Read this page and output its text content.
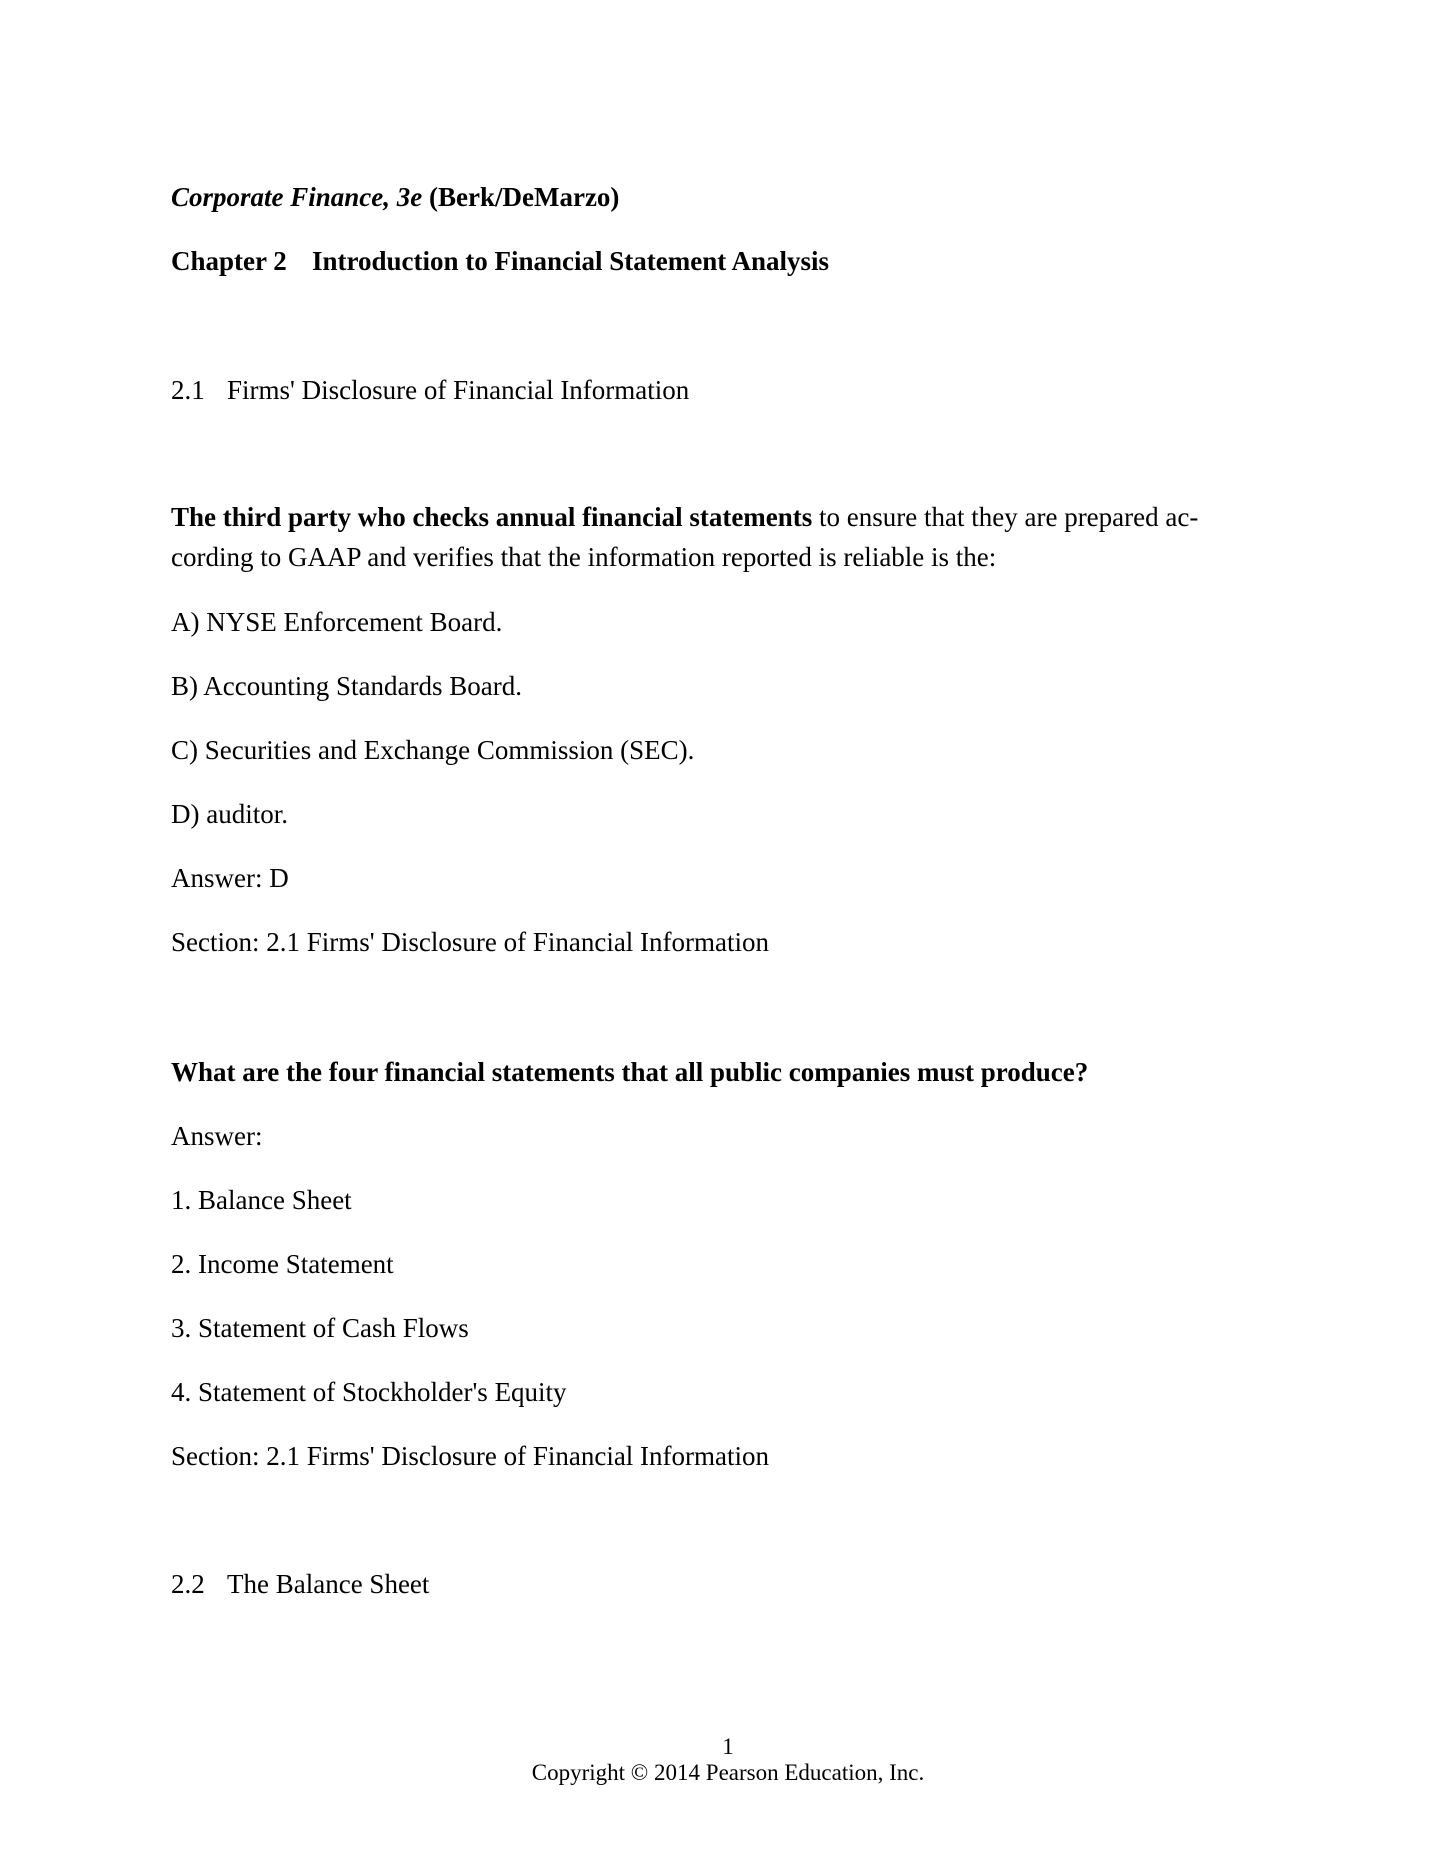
Corporate Finance, 3e (Berk/DeMarzo)
Chapter 2 Introduction to Financial Statement Analysis
2.1 Firms' Disclosure of Financial Information
The third party who checks annual financial statements to ensure that they are prepared ac-
cording to GAAP and verifies that the information reported is reliable is the:
A) NYSE Enforcement Board.
B) Accounting Standards Board.
C) Securities and Exchange Commission (SEC).
D) auditor.
Answer: D
Section: 2.1 Firms' Disclosure of Financial Information
What are the four financial statements that all public companies must produce?
Answer:
1. Balance Sheet
2. Income Statement
3. Statement of Cash Flows
4. Statement of Stockholder's Equity
Section: 2.1 Firms' Disclosure of Financial Information
2.2 The Balance Sheet
1
Copyright © 2014 Pearson Education, Inc.
